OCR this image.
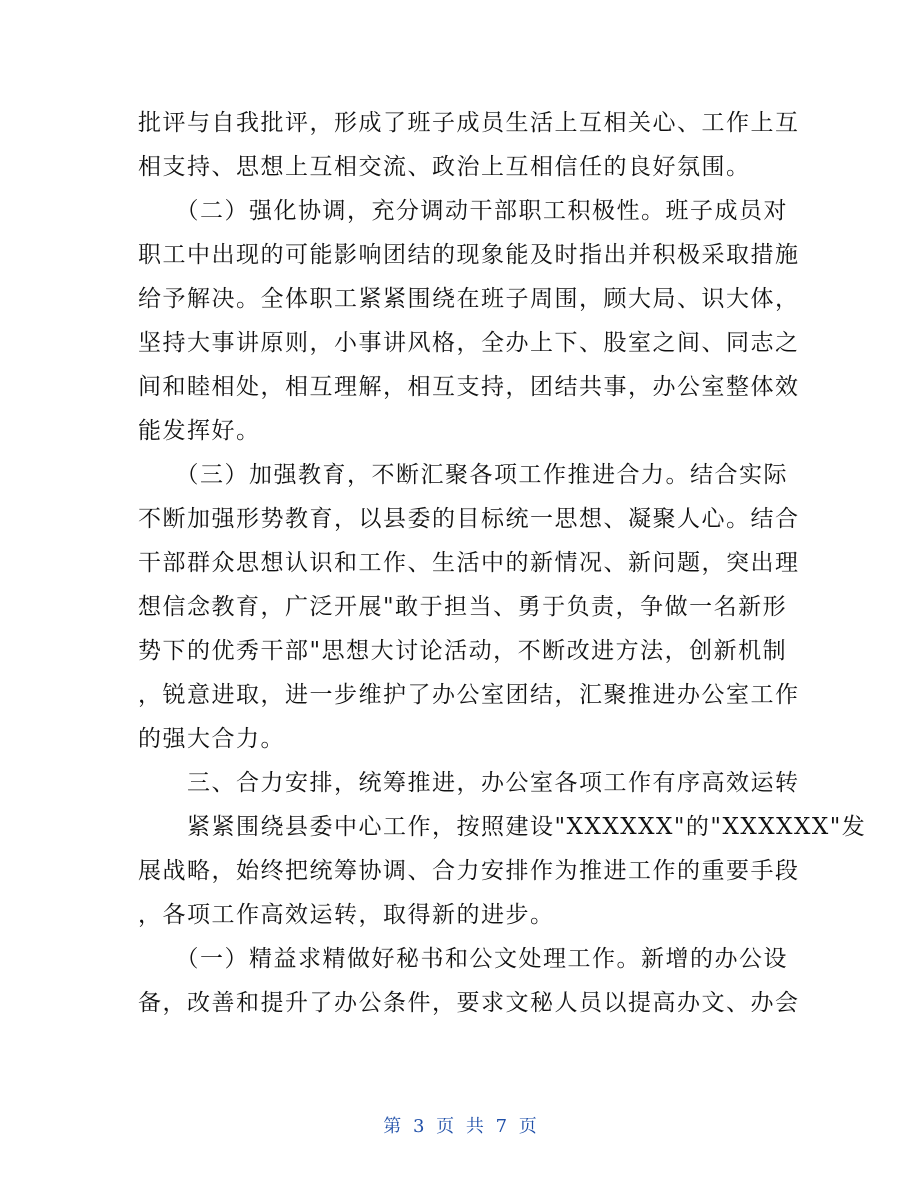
批评与自我批评，形成了班子成员生活上互相关心、工作上互
相支持、思想上互相交流、政治上互相信任的良好氛围。
　　（二）强化协调，充分调动干部职工积极性。班子成员对
职工中出现的可能影响团结的现象能及时指出并积极采取措施
给予解决。全体职工紧紧围绕在班子周围，顾大局、识大体，
坚持大事讲原则，小事讲风格，全办上下、股室之间、同志之
间和睦相处，相互理解，相互支持，团结共事，办公室整体效
能发挥好。
　　（三）加强教育，不断汇聚各项工作推进合力。结合实际
不断加强形势教育，以县委的目标统一思想、凝聚人心。结合
干部群众思想认识和工作、生活中的新情况、新问题，突出理
想信念教育，广泛开展"敢于担当、勇于负责，争做一名新形
势下的优秀干部"思想大讨论活动，不断改进方法，创新机制
，锐意进取，进一步维护了办公室团结，汇聚推进办公室工作
的强大合力。
　　三、合力安排，统筹推进，办公室各项工作有序高效运转
　　紧紧围绕县委中心工作，按照建设"XXXXXX"的"XXXXXX"发
展战略，始终把统筹协调、合力安排作为推进工作的重要手段
，各项工作高效运转，取得新的进步。
　　（一）精益求精做好秘书和公文处理工作。新增的办公设
备，改善和提升了办公条件，要求文秘人员以提高办文、办会
第 3 页 共 7 页
